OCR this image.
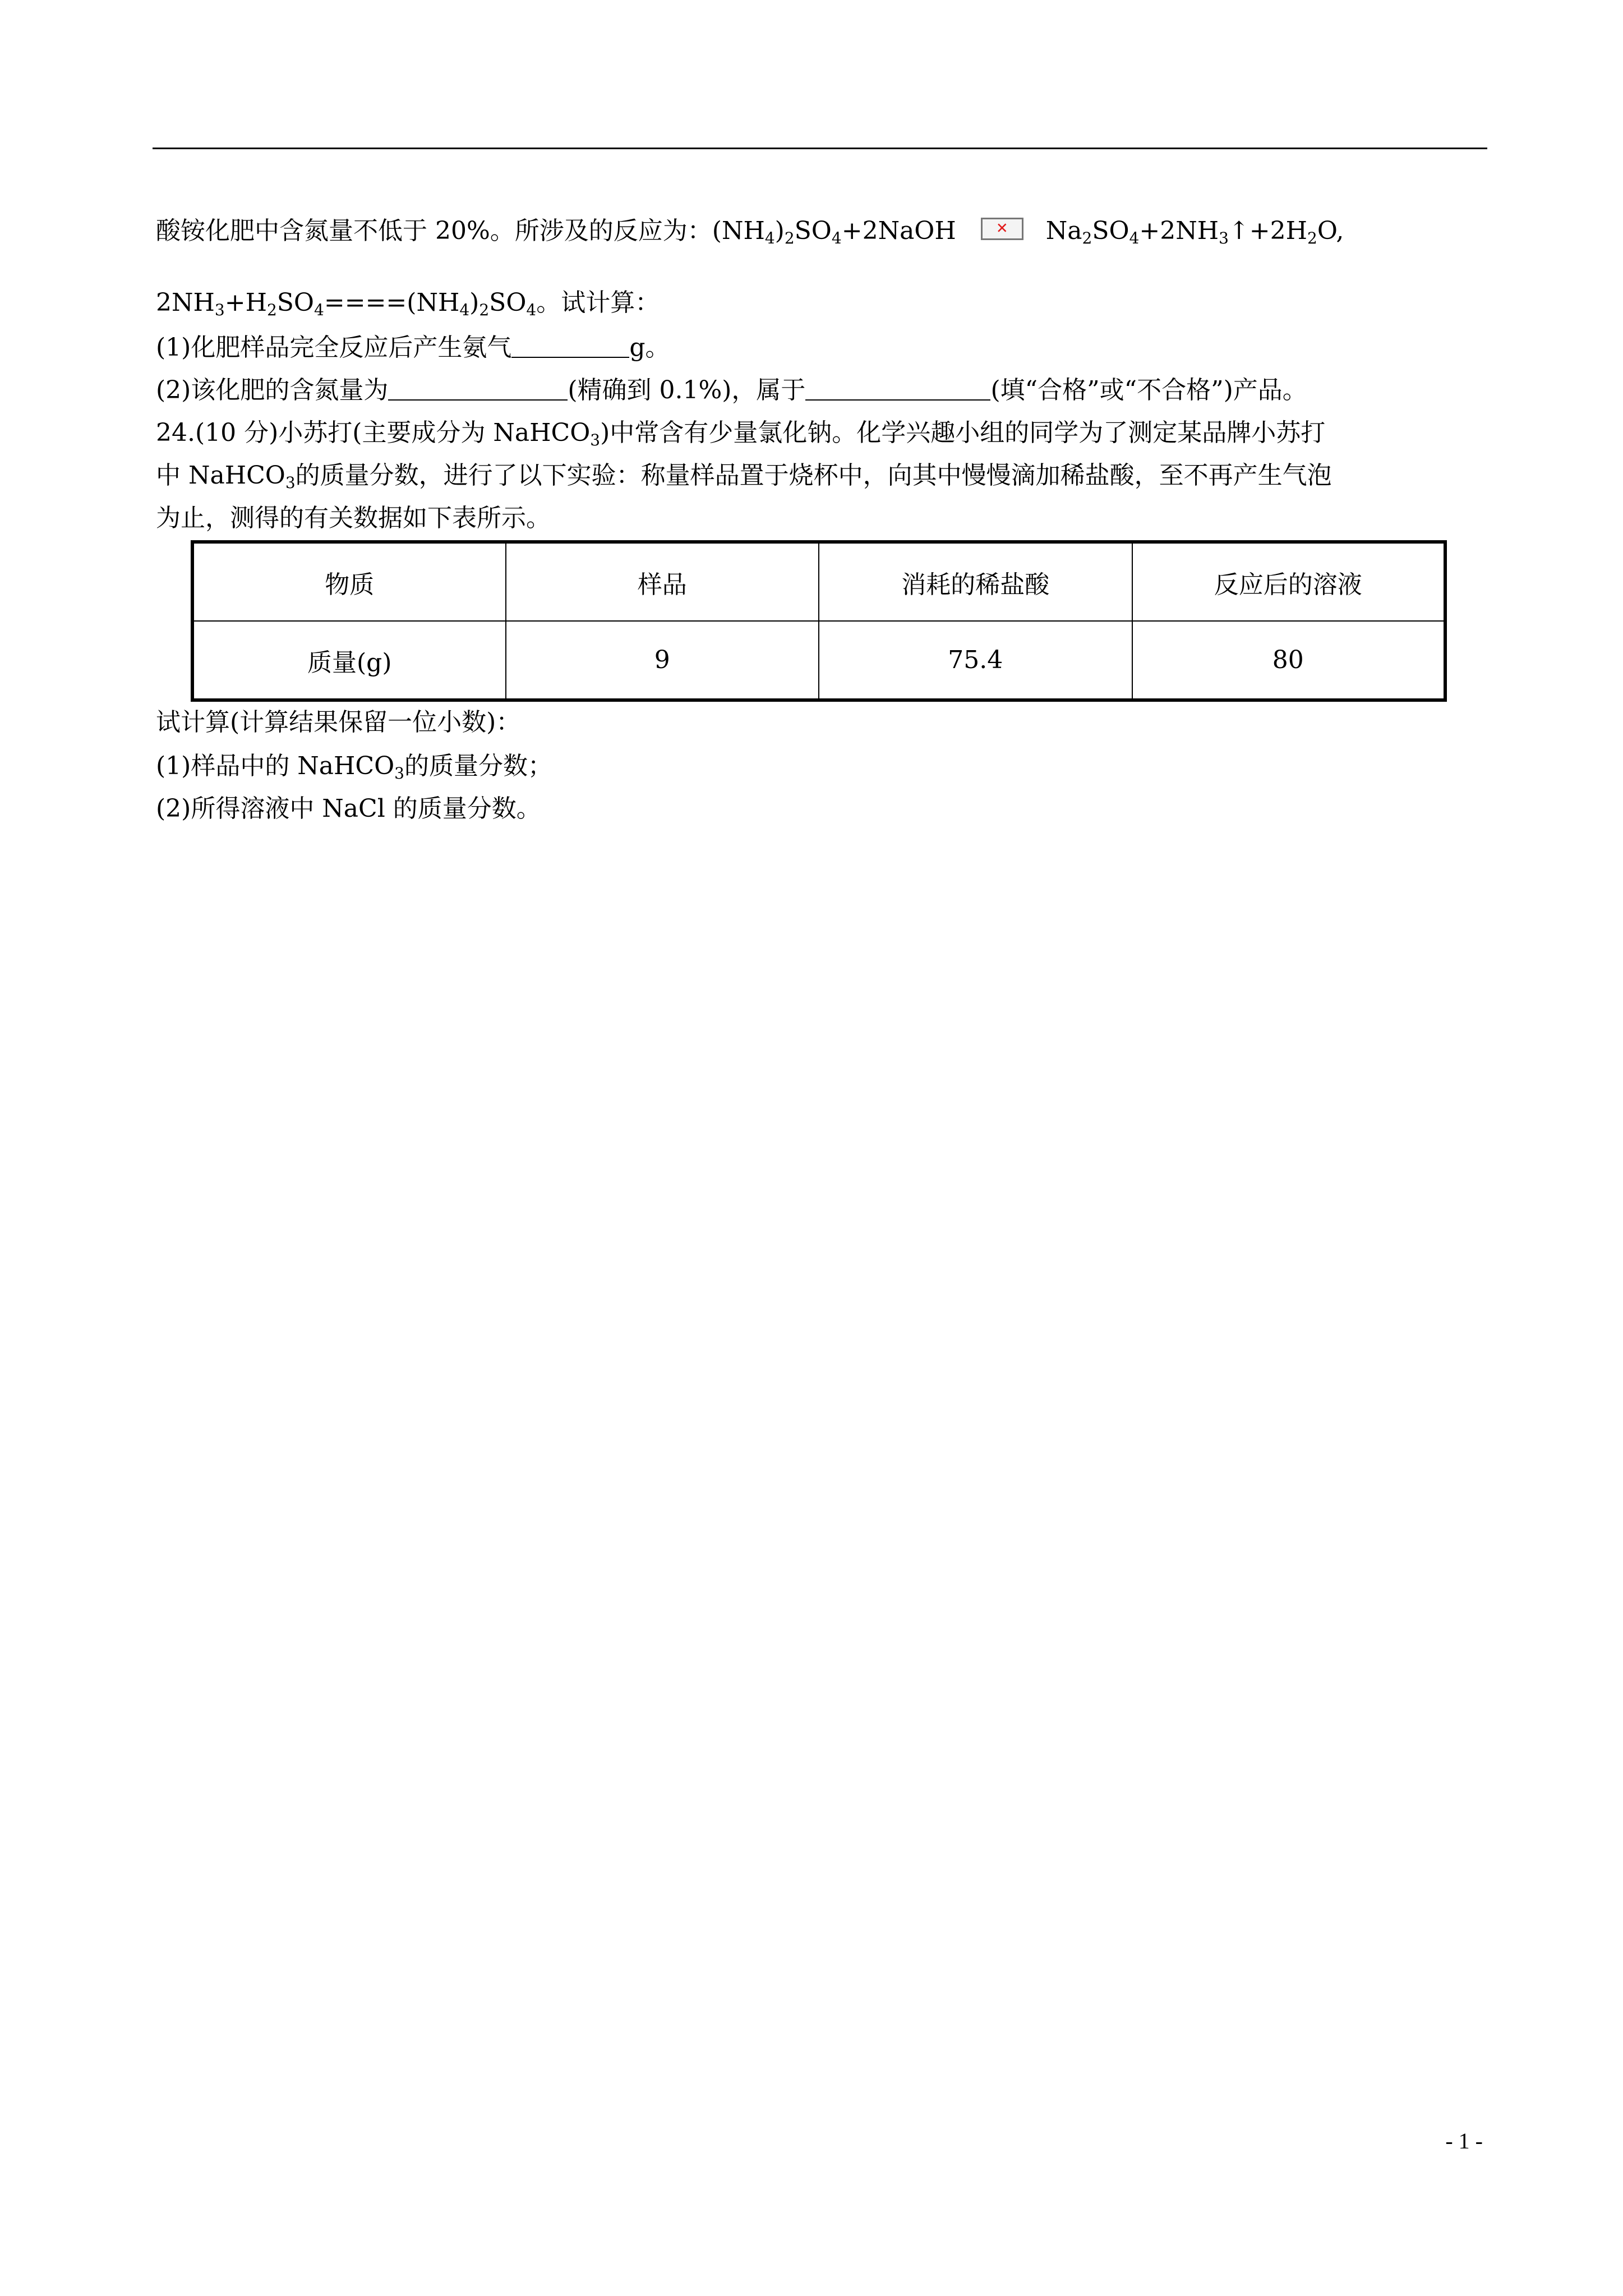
酸铵化肥中含氮量不低于 20%。所涉及的反应为：$(NH_4)_2SO_4+2NaOH$	✕ $Na_2SO_4+2NH_3↑+2H_2O$,
$2NH_3+H_2SO_4====(NH_4)_2SO_4$。试计算：
(1)化肥样品完全反应后产生氨气	g。
(2)该化肥的含氮量为	(精确到 0.1%)，属于	(填“合格”或“不合格”)产品。
24.(10 分)小苏打(主要成分为 NaHCO$_3$)中常含有少量氯化钠。化学兴趣小组的同学为了测定某品牌小苏打
中 NaHCO$_3$的质量分数，进行了以下实验：称量样品置于烧杯中，向其中慢慢滴加稀盐酸，至不再产生气泡
为止，测得的有关数据如下表所示。
物质	样品	消耗的稀盐酸	反应后的溶液
质量(g)	9	75.4	80
试计算(计算结果保留一位小数)：
(1)样品中的 NaHCO$_3$的质量分数；
(2)所得溶液中 NaCl 的质量分数。
- 1 -
